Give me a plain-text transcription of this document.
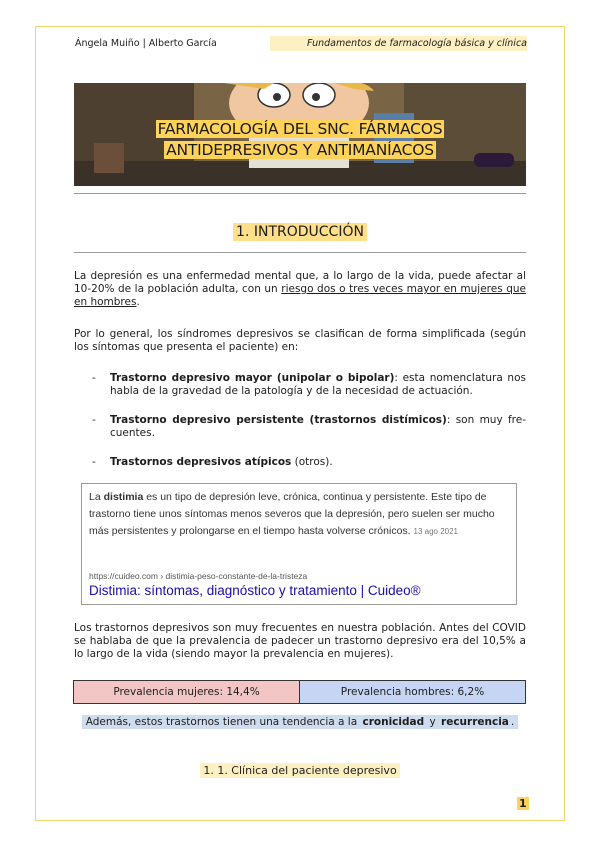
Ángela Muiño | Alberto García	Fundamentos de farmacología básica y clínica
FARMACOLOGÍA DEL SNC. FÁRMACOS
ANTIDEPRESIVOS Y ANTIMANÍACOS
1. INTRODUCCIÓN
La depresión es una enfermedad mental que, a lo largo de la vida, puede afectar al 10-20% de la población adulta, con un riesgo dos o tres veces mayor en mujeres que en hombres.
Por lo general, los síndromes depresivos se clasifican de forma simplificada (según los síntomas que presenta el paciente) en:
- Trastorno depresivo mayor (unipolar o bipolar): esta nomenclatura nos habla de la gravedad de la patología y de la necesidad de actuación.
- Trastorno depresivo persistente (trastornos distímicos): son muy fre-cuentes.
- Trastornos depresivos atípicos (otros).
La distimia es un tipo de depresión leve, crónica, continua y persistente. Este tipo de trastorno tiene unos síntomas menos severos que la depresión, pero suelen ser mucho más persistentes y prolongarse en el tiempo hasta volverse crónicos. 13 ago 2021
https://cuideo.com › distimia-peso-constante-de-la-tristeza
Distimia: síntomas, diagnóstico y tratamiento | Cuideo®
Los trastornos depresivos son muy frecuentes en nuestra población. Antes del COVID se hablaba de que la prevalencia de padecer un trastorno depresivo era del 10,5% a lo largo de la vida (siendo mayor la prevalencia en mujeres).
Prevalencia mujeres: 14,4%	Prevalencia hombres: 6,2%
Además, estos trastornos tienen una tendencia a la cronicidad y recurrencia .
1. 1. Clínica del paciente depresivo
1
